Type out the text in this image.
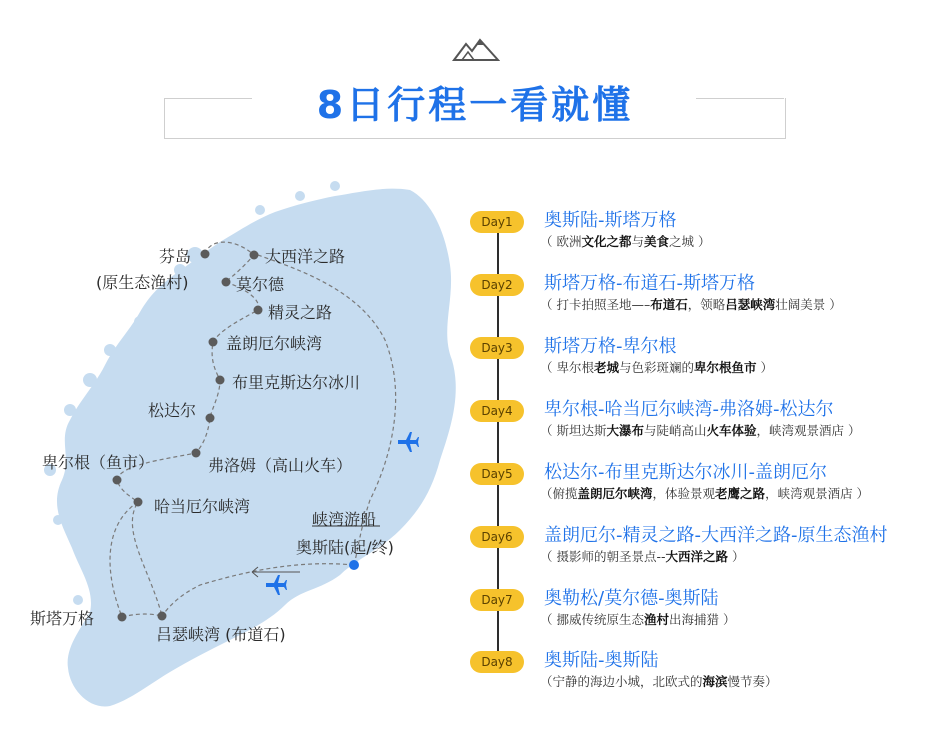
8日行程一看就懂
芬岛
(原生态渔村)
大西洋之路
莫尔德
精灵之路
盖朗厄尔峡湾
布里克斯达尔冰川
松达尔
卑尔根（鱼市）	弗洛姆（高山火车）
哈当厄尔峡湾
峡湾游船
奥斯陆(起/终)
斯塔万格
吕瑟峡湾 (布道石)
Day1	奥斯陆-斯塔万格
（ 欧洲文化之都与美食之城 ）
Day2	斯塔万格-布道石-斯塔万格
（ 打卡拍照圣地—–布道石，领略吕瑟峡湾壮阔美景 ）
Day3	斯塔万格-卑尔根
（ 卑尔根老城与色彩斑斓的卑尔根鱼市 ）
Day4	卑尔根-哈当厄尔峡湾-弗洛姆-松达尔
（ 斯坦达斯大瀑布与陡峭高山火车体验，峡湾观景酒店 ）
Day5	松达尔-布里克斯达尔冰川-盖朗厄尔
（俯揽盖朗厄尔峡湾，体验景观老鹰之路，峡湾观景酒店 ）
Day6	盖朗厄尔-精灵之路-大西洋之路-原生态渔村
（ 摄影师的朝圣景点--大西洋之路 ）
Day7	奥勒松/莫尔德-奥斯陆
（ 挪威传统原生态渔村出海捕猎 ）
Day8	奥斯陆-奥斯陆
（宁静的海边小城，北欧式的海滨慢节奏）
